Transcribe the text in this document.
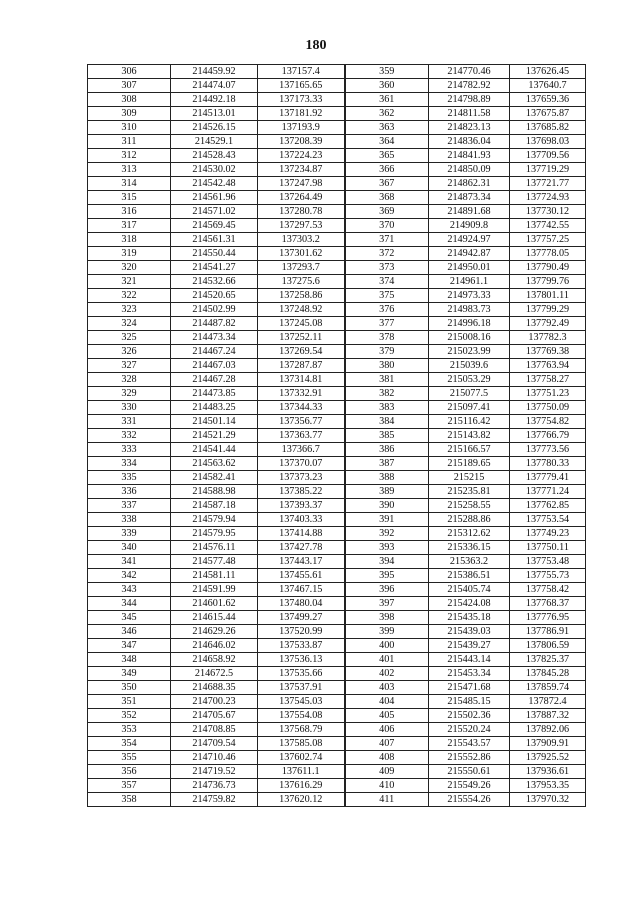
180
306	214459.92	137157.4	359	214770.46	137626.45
307	214474.07	137165.65	360	214782.92	137640.7
308	214492.18	137173.33	361	214798.89	137659.36
309	214513.01	137181.92	362	214811.58	137675.87
310	214526.15	137193.9	363	214823.13	137685.82
311	214529.1	137208.39	364	214836.04	137698.03
312	214528.43	137224.23	365	214841.93	137709.56
313	214530.02	137234.87	366	214850.09	137719.29
314	214542.48	137247.98	367	214862.31	137721.77
315	214561.96	137264.49	368	214873.34	137724.93
316	214571.02	137280.78	369	214891.68	137730.12
317	214569.45	137297.53	370	214909.8	137742.55
318	214561.31	137303.2	371	214924.97	137757.25
319	214550.44	137301.62	372	214942.87	137778.05
320	214541.27	137293.7	373	214950.01	137790.49
321	214532.66	137275.6	374	214961.1	137799.76
322	214520.65	137258.86	375	214973.33	137801.11
323	214502.99	137248.92	376	214983.73	137799.29
324	214487.82	137245.08	377	214996.18	137792.49
325	214473.34	137252.11	378	215008.16	137782.3
326	214467.24	137269.54	379	215023.99	137769.38
327	214467.03	137287.87	380	215039.6	137763.94
328	214467.28	137314.81	381	215053.29	137758.27
329	214473.85	137332.91	382	215077.5	137751.23
330	214483.25	137344.33	383	215097.41	137750.09
331	214501.14	137356.77	384	215116.42	137754.82
332	214521.29	137363.77	385	215143.82	137766.79
333	214541.44	137366.7	386	215166.57	137773.56
334	214563.62	137370.07	387	215189.65	137780.33
335	214582.41	137373.23	388	215215	137779.41
336	214588.98	137385.22	389	215235.81	137771.24
337	214587.18	137393.37	390	215258.55	137762.85
338	214579.94	137403.33	391	215288.86	137753.54
339	214579.95	137414.88	392	215312.62	137749.23
340	214576.11	137427.78	393	215336.15	137750.11
341	214577.48	137443.17	394	215363.2	137753.48
342	214581.11	137455.61	395	215386.51	137755.73
343	214591.99	137467.15	396	215405.74	137758.42
344	214601.62	137480.04	397	215424.08	137768.37
345	214615.44	137499.27	398	215435.18	137776.95
346	214629.26	137520.99	399	215439.03	137786.91
347	214646.02	137533.87	400	215439.27	137806.59
348	214658.92	137536.13	401	215443.14	137825.37
349	214672.5	137535.66	402	215453.34	137845.28
350	214688.35	137537.91	403	215471.68	137859.74
351	214700.23	137545.03	404	215485.15	137872.4
352	214705.67	137554.08	405	215502.36	137887.32
353	214708.85	137568.79	406	215520.24	137892.06
354	214709.54	137585.08	407	215543.57	137909.91
355	214710.46	137602.74	408	215552.86	137925.52
356	214719.52	137611.1	409	215550.61	137936.61
357	214736.73	137616.29	410	215549.26	137953.35
358	214759.82	137620.12	411	215554.26	137970.32
